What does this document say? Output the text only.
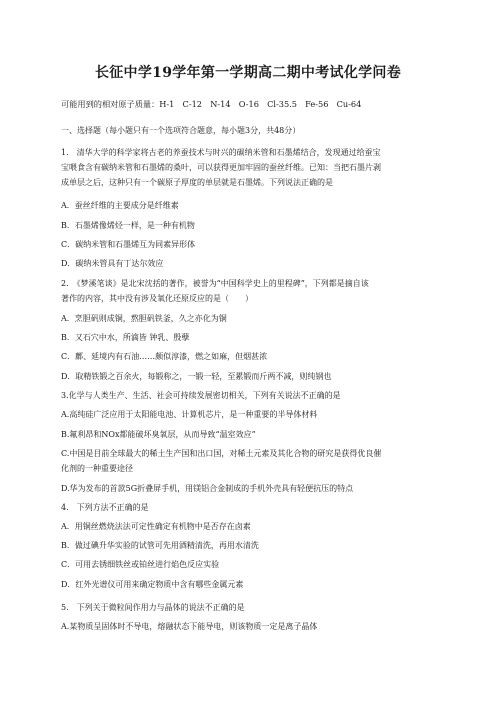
长征中学19学年第一学期高二期中考试化学问卷
可能用到的相对原子质量：H-1　C-12　N-14　O-16　Cl-35.5　Fe-56　Cu-64
一、选择题（每小题只有一个选项符合题意，每小题3分，共48分）
1.　清华大学的科学家将古老的养蚕技术与时兴的碳纳米管和石墨烯结合，发现通过给蚕宝
宝喂食含有碳纳米管和石墨烯的桑叶，可以获得更加牢固的蚕丝纤维。已知：当把石墨片剥
成单层之后，这种只有一个碳原子厚度的单层就是石墨烯。下列说法正确的是
A．蚕丝纤维的主要成分是纤维素
B．石墨烯像烯烃一样，是一种有机物
C．碳纳米管和石墨烯互为同素异形体
D．碳纳米管具有丁达尔效应
2.　《梦溪笔谈》是北宋沈括的著作，被誉为“中国科学史上的里程碑”，下列都是摘自该
著作的内容，其中没有涉及氧化还原反应的是（　　）
A．烹胆矾则成铜，熬胆矾铁釜，久之亦化为铜
B．又石穴中水，所滴皆 钟乳、殷孽
C．鄜、延境内有石油……颇似淳漆，燃之如麻，但烟甚浓
D．取精铁锻之百余火，每锻称之，一锻一轻，至累锻而斤两不减，则纯钢也
3.化学与人类生产、生活、社会可持续发展密切相关，下列有关说法不正确的是
A.高纯硅广泛应用于太阳能电池、计算机芯片，是一种重要的半导体材料
B.氟利昂和NOx都能破坏臭氧层，从而导致“温室效应”
C.中国是目前全球最大的稀土生产国和出口国，对稀土元素及其化合物的研究是获得优良催
化剂的一种重要途径
D.华为发布的首款5G折叠屏手机，用镁铝合金制成的手机外壳具有轻便抗压的特点
4.　下列方法不正确的是
A．用铜丝燃烧法法可定性确定有机物中是否存在卤素
B．做过碘升华实验的试管可先用酒精清洗，再用水清洗
C．可用去锈细铁丝或铂丝进行焰色反应实验
D．红外光谱仪可用来确定物质中含有哪些金属元素
5.　下列关于微粒间作用力与晶体的说法不正确的是
A.某物质呈固体时不导电，熔融状态下能导电，则该物质一定是离子晶体
